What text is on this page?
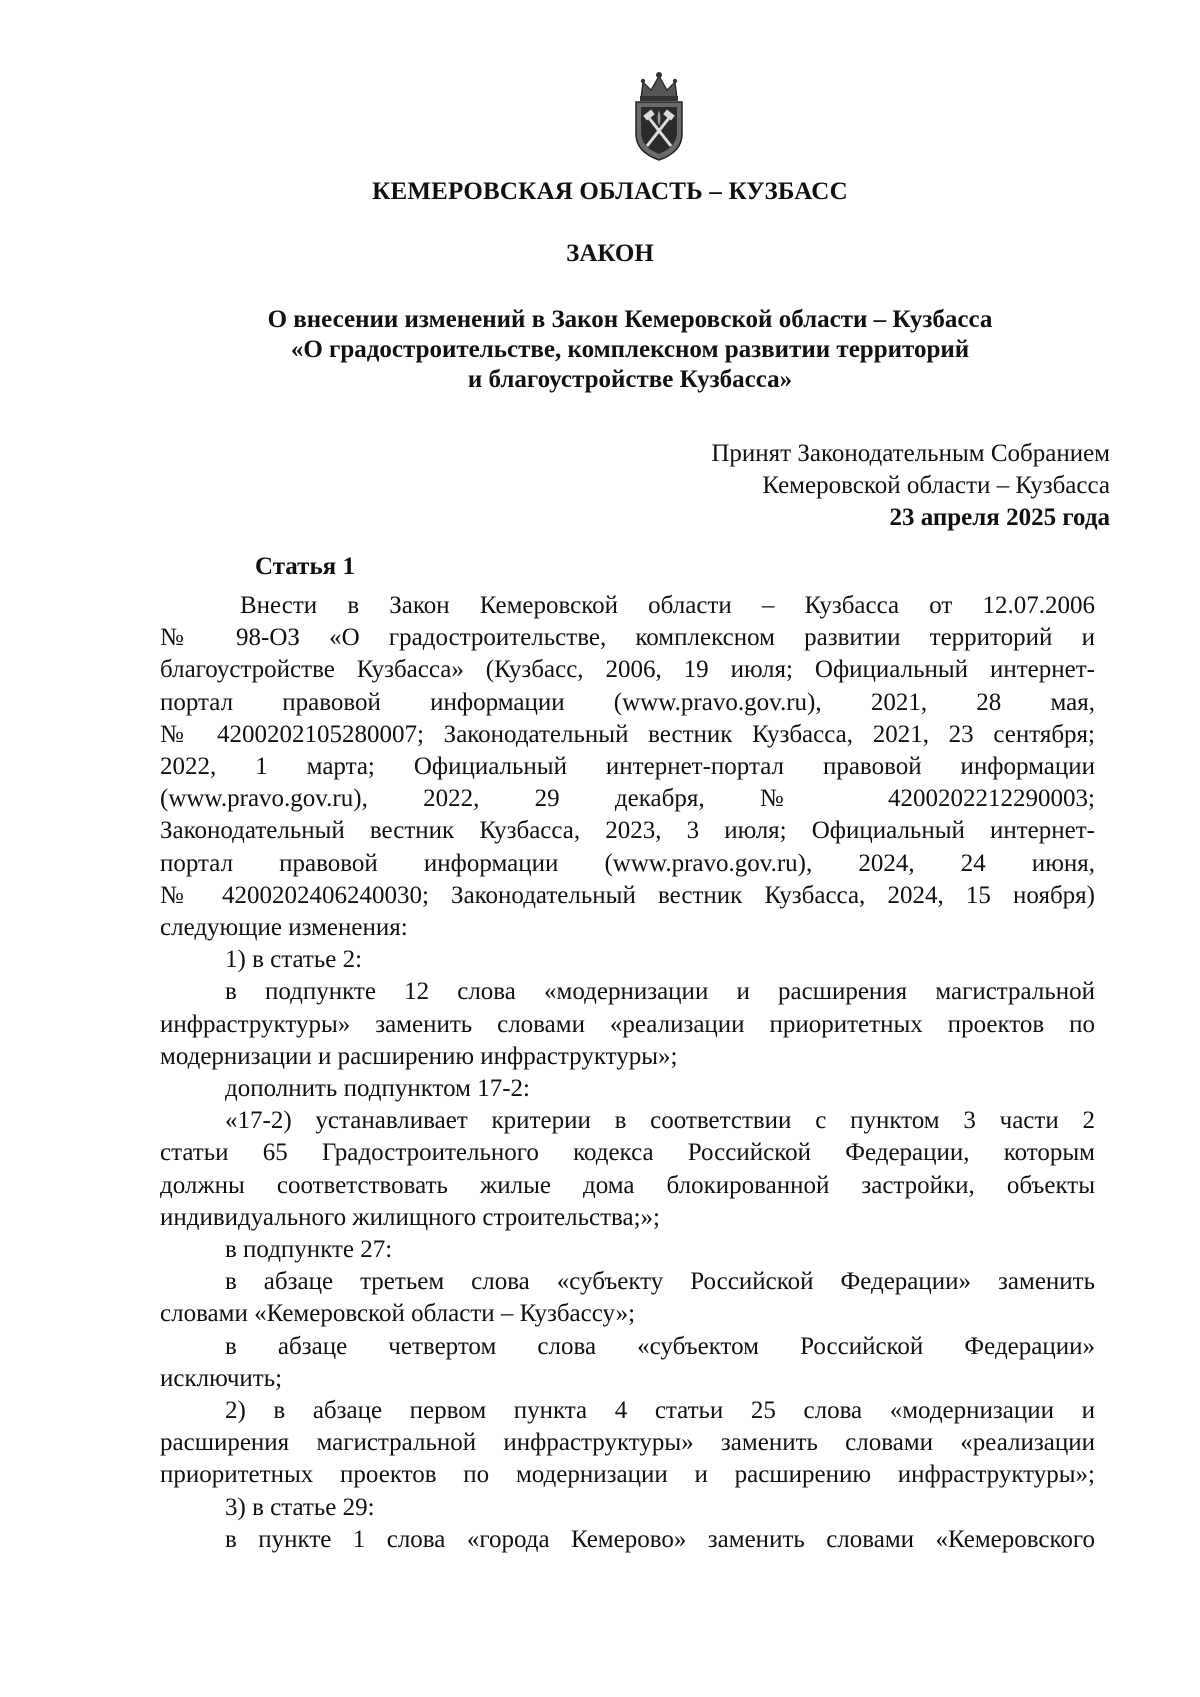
КЕМЕРОВСКАЯ ОБЛАСТЬ – КУЗБАСС
ЗАКОН
О внесении изменений в Закон Кемеровской области – Кузбасса
«О градостроительстве, комплексном развитии территорий
и благоустройстве Кузбасса»
Принят Законодательным Собранием
Кемеровской области – Кузбасса
23 апреля 2025 года
Статья 1

Внести в Закон Кемеровской области – Кузбасса от 12.07.2006

№ 98-ОЗ «О градостроительстве, комплексном развитии территорий и

благоустройстве Кузбасса» (Кузбасс, 2006, 19 июля; Официальный интернет-

портал правовой информации (www.pravo.gov.ru), 2021, 28 мая,

№ 4200202105280007; Законодательный вестник Кузбасса, 2021, 23 сентября;

2022, 1 марта; Официальный интернет-портал правовой информации

(www.pravo.gov.ru), 2022, 29 декабря, № 4200202212290003;

Законодательный вестник Кузбасса, 2023, 3 июля; Официальный интернет-

портал правовой информации (www.pravo.gov.ru), 2024, 24 июня,

№ 4200202406240030; Законодательный вестник Кузбасса, 2024, 15 ноября)

следующие изменения:

1) в статье 2:

в подпункте 12 слова «модернизации и расширения магистральной

инфраструктуры» заменить словами «реализации приоритетных проектов по

модернизации и расширению инфраструктуры»;

дополнить подпунктом 17-2:

«17-2) устанавливает критерии в соответствии с пунктом 3 части 2

статьи 65 Градостроительного кодекса Российской Федерации, которым

должны соответствовать жилые дома блокированной застройки, объекты

индивидуального жилищного строительства;»;

в подпункте 27:

в абзаце третьем слова «субъекту Российской Федерации» заменить

словами «Кемеровской области – Кузбассу»;

в абзаце четвертом слова «субъектом Российской Федерации»

исключить;

2) в абзаце первом пункта 4 статьи 25 слова «модернизации и

расширения магистральной инфраструктуры» заменить словами «реализации

приоритетных проектов по модернизации и расширению инфраструктуры»;

3) в статье 29:

в пункте 1 слова «города Кемерово» заменить словами «Кемеровского
